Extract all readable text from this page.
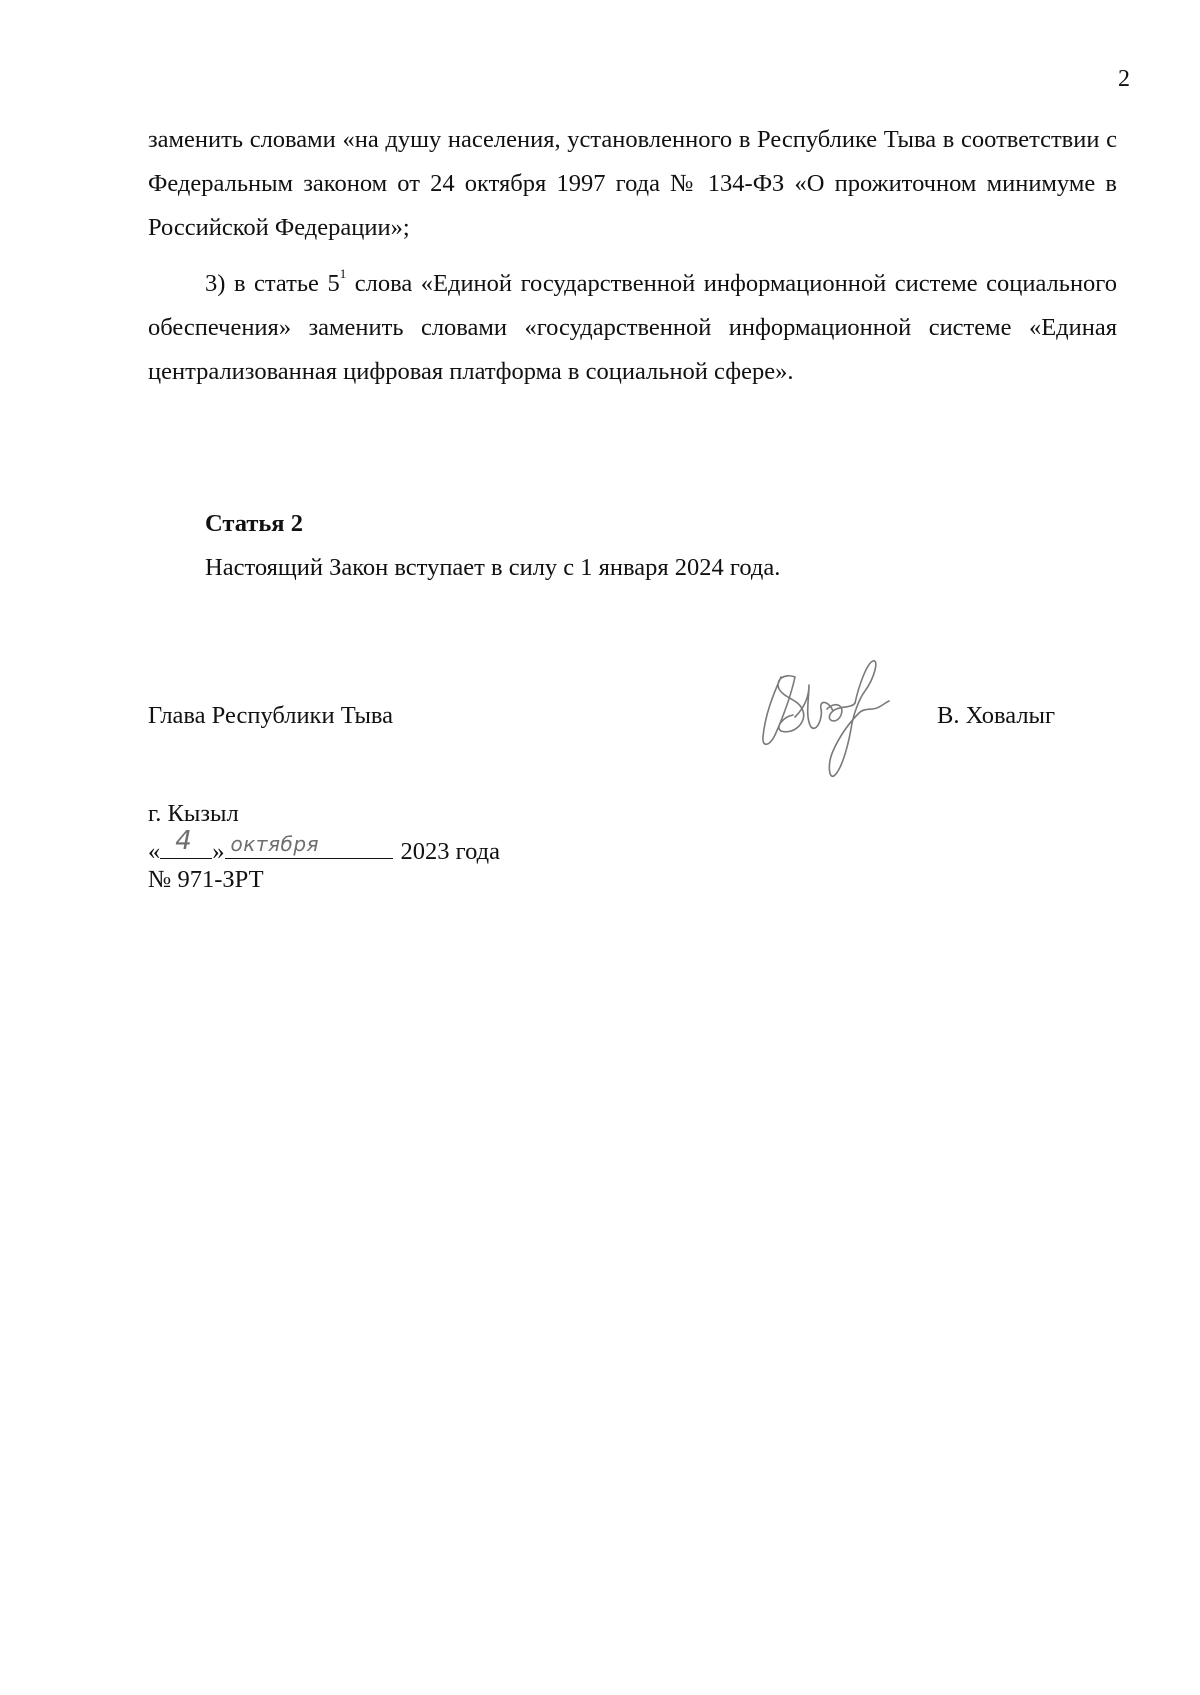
2

заменить словами «на душу населения, установленного в Республике Тыва в соответствии с Федеральным законом от 24 октября 1997 года № 134-ФЗ «О прожиточном минимуме в Российской Федерации»;

3) в статье $5^1$ слова «Единой государственной информационной системе социального обеспечения» заменить словами «государственной информационной системе «Единая централизованная цифровая платформа в социальной сфере».

Статья 2

Настоящий Закон вступает в силу с 1 января 2024 года.

Глава Республики Тыва	В. Ховалыг
г. Кызыл
« 4 » октября	2023 года
№ 971-ЗРТ
